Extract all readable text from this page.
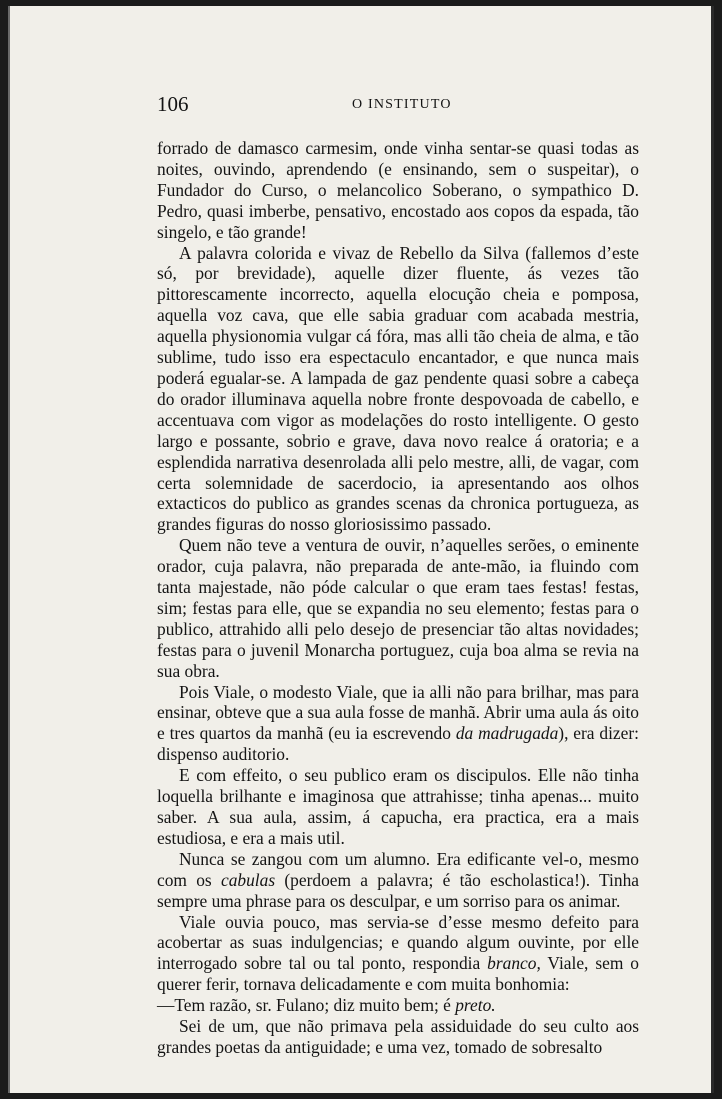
106	O INSTITUTO

forrado de damasco carmesim, onde vinha sentar-se quasi todas as noites, ouvindo, aprendendo (e ensinando, sem o suspeitar), o Fundador do Curso, o melancolico Soberano, o sympathico D. Pedro, quasi imberbe, pensativo, encostado aos copos da espada, tão singelo, e tão grande!

A palavra colorida e vivaz de Rebello da Silva (fallemos d’este só, por brevidade), aquelle dizer fluente, ás vezes tão pittorescamente incorrecto, aquella elocução cheia e pomposa, aquella voz cava, que elle sabia graduar com acabada mestria, aquella physionomia vulgar cá fóra, mas alli tão cheia de alma, e tão sublime, tudo isso era espectaculo encantador, e que nunca mais poderá egualar-se. A lampada de gaz pendente quasi sobre a cabeça do orador illuminava aquella nobre fronte despovoada de cabello, e accentuava com vigor as modelações do rosto intelligente. O gesto largo e possante, sobrio e grave, dava novo realce á oratoria; e a esplendida narrativa desenrolada alli pelo mestre, alli, de vagar, com certa solemnidade de sacerdocio, ia apresentando aos olhos extacticos do publico as grandes scenas da chronica portugueza, as grandes figuras do nosso gloriosissimo passado.

Quem não teve a ventura de ouvir, n’aquelles serões, o eminente orador, cuja palavra, não preparada de ante-mão, ia fluindo com tanta majestade, não póde calcular o que eram taes festas! festas, sim; festas para elle, que se expandia no seu elemento; festas para o publico, attrahido alli pelo desejo de presenciar tão altas novidades; festas para o juvenil Monarcha portuguez, cuja boa alma se revia na sua obra.

Pois Viale, o modesto Viale, que ia alli não para brilhar, mas para ensinar, obteve que a sua aula fosse de manhã. Abrir uma aula ás oito e tres quartos da manhã (eu ia escrevendo da madrugada), era dizer: dispenso auditorio.

E com effeito, o seu publico eram os discipulos. Elle não tinha loquella brilhante e imaginosa que attrahisse; tinha apenas... muito saber. A sua aula, assim, á capucha, era practica, era a mais estudiosa, e era a mais util.

Nunca se zangou com um alumno. Era edificante vel-o, mesmo com os cabulas (perdoem a palavra; é tão escholastica!). Tinha sempre uma phrase para os desculpar, e um sorriso para os animar.

Viale ouvia pouco, mas servia-se d’esse mesmo defeito para acobertar as suas indulgencias; e quando algum ouvinte, por elle interrogado sobre tal ou tal ponto, respondia branco, Viale, sem o querer ferir, tornava delicadamente e com muita bonhomia:

—Tem razão, sr. Fulano; diz muito bem; é preto.

Sei de um, que não primava pela assiduidade do seu culto aos grandes poetas da antiguidade; e uma vez, tomado de sobresalto
